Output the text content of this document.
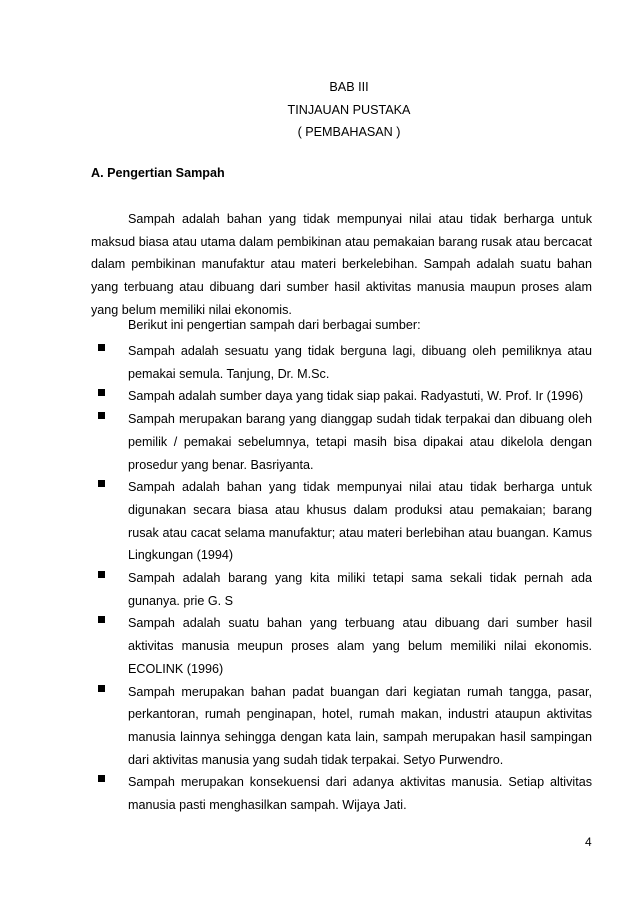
BAB III
TINJAUAN PUSTAKA
( PEMBAHASAN )
A. Pengertian Sampah
Sampah adalah bahan yang tidak mempunyai nilai atau tidak berharga untuk maksud biasa atau utama dalam pembikinan atau pemakaian barang rusak atau bercacat dalam pembikinan manufaktur atau materi berkelebihan. Sampah adalah suatu bahan yang terbuang atau dibuang dari sumber hasil aktivitas manusia maupun proses alam yang belum memiliki nilai ekonomis.
Berikut ini pengertian sampah dari berbagai sumber:
Sampah adalah sesuatu yang tidak berguna lagi, dibuang oleh pemiliknya atau pemakai semula. Tanjung, Dr. M.Sc.
Sampah adalah sumber daya yang tidak siap pakai. Radyastuti, W. Prof. Ir (1996)
Sampah merupakan barang yang dianggap sudah tidak terpakai dan dibuang oleh pemilik / pemakai sebelumnya, tetapi masih bisa dipakai atau dikelola dengan prosedur yang benar. Basriyanta.
Sampah adalah bahan yang tidak mempunyai nilai atau tidak berharga untuk digunakan secara biasa atau khusus dalam produksi atau pemakaian; barang rusak atau cacat selama manufaktur; atau materi berlebihan atau buangan. Kamus Lingkungan (1994)
Sampah adalah barang yang kita miliki tetapi sama sekali tidak pernah ada gunanya. prie G. S
Sampah adalah suatu bahan yang terbuang atau dibuang dari sumber hasil aktivitas manusia meupun proses alam yang belum memiliki nilai ekonomis. ECOLINK (1996)
Sampah merupakan bahan padat buangan dari kegiatan rumah tangga, pasar, perkantoran, rumah penginapan, hotel, rumah makan, industri ataupun aktivitas manusia lainnya sehingga dengan kata lain, sampah merupakan hasil sampingan dari aktivitas manusia yang sudah tidak terpakai. Setyo Purwendro.
Sampah merupakan konsekuensi dari adanya aktivitas manusia. Setiap altivitas manusia pasti menghasilkan sampah. Wijaya Jati.
4
